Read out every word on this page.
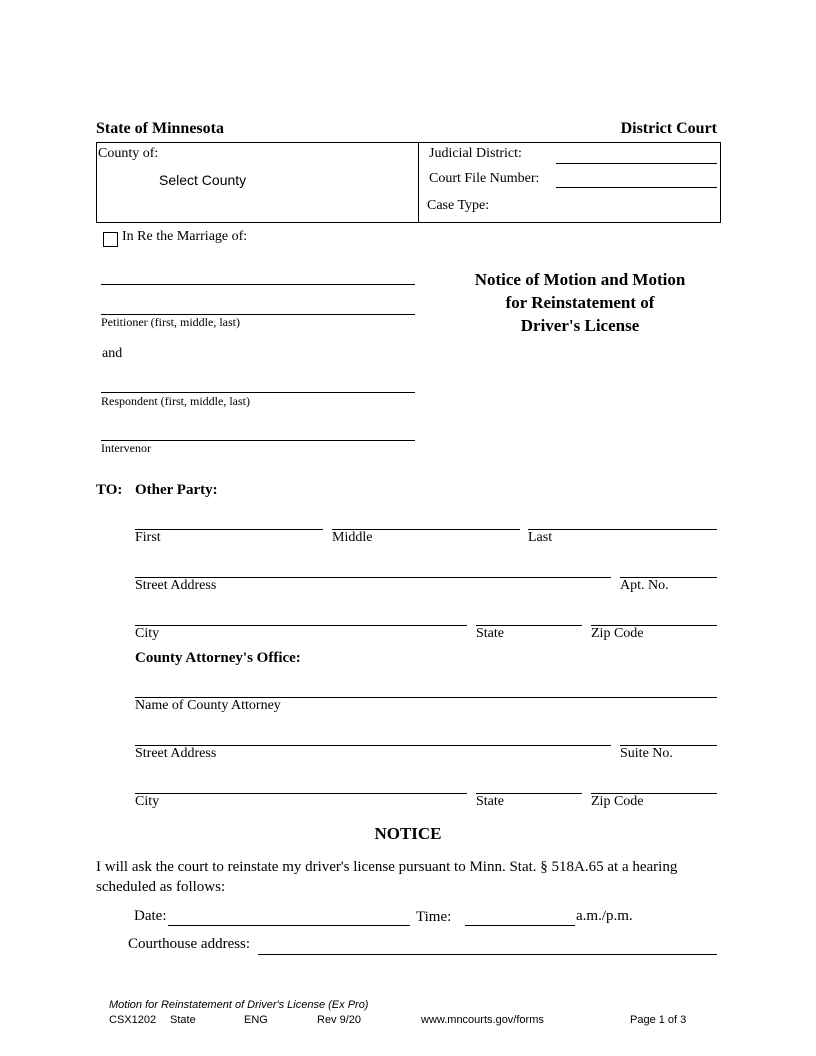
State of Minnesota	District Court
County of:
Select County
Judicial District:
Court File Number:
Case Type:
In Re the Marriage of:
Petitioner (first, middle, last)
and
Respondent (first, middle, last)
Intervenor
Notice of Motion and Motion
for Reinstatement of
Driver's License
TO: Other Party:
First	Middle	Last
Street Address	Apt. No.
City	State	Zip Code
County Attorney's Office:
Name of County Attorney
Street Address	Suite No.
City	State	Zip Code
NOTICE
I will ask the court to reinstate my driver's license pursuant to Minn. Stat. § 518A.65 at a hearing
scheduled as follows:
Date:	Time:	a.m./p.m.
Courthouse address:
Motion for Reinstatement of Driver's License (Ex Pro)
CSX1202 State	ENG	Rev 9/20	www.mncourts.gov/forms	Page 1 of 3
